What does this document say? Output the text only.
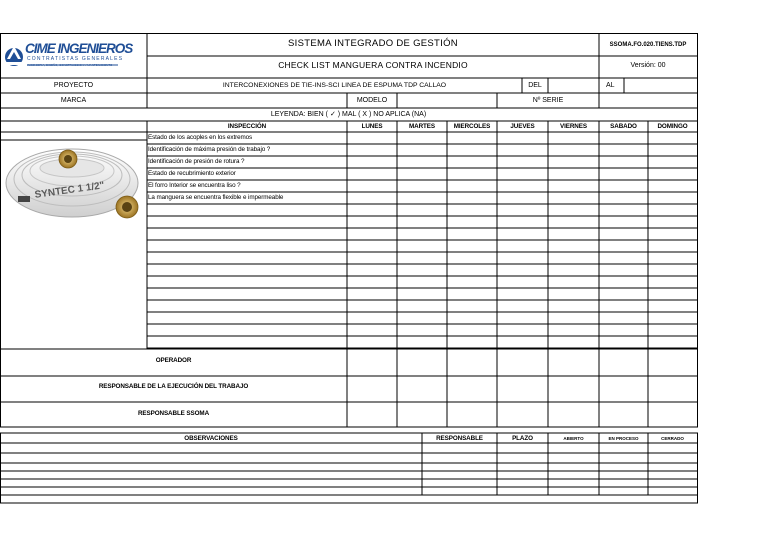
CIME INGENIEROS
CONTRATISTAS GENERALES
INGENIERIA, DISEÑO, CONSTRUCCION Y MANTENIMIENTO
SISTEMA INTEGRADO DE GESTIÓN	SSOMA.FO.020.TIENS.TDP
CHECK LIST MANGUERA CONTRA INCENDIO	Versión: 00
PROYECTO	INTERCONEXIONES DE TIE-INS-SCI LINEA DE ESPUMA TDP CALLAO	DEL	AL
MARCA	MODELO	Nº SERIE
LEYENDA: BIEN ( ✓ ) MAL ( X ) NO APLICA (NA)
INSPECCIÓN	LUNES	MARTES	MIERCOLES	JUEVES	VIERNES	SABADO	DOMINGO
SYNTEC 1 1/2"
Estado de los acoples en los extremos
Identificación de máxima presión de trabajo ?
Identificación de presión de rotura ?
Estado de recubrimiento exterior
El forro Interior se encuentra liso ?
La manguera se encuentra flexible e impermeable
OPERADOR
RESPONSABLE DE LA EJECUCIÓN DEL TRABAJO
RESPONSABLE SSOMA
OBSERVACIONES	RESPONSABLE	PLAZO	ABIERTO	EN PROCESO	CERRADO
